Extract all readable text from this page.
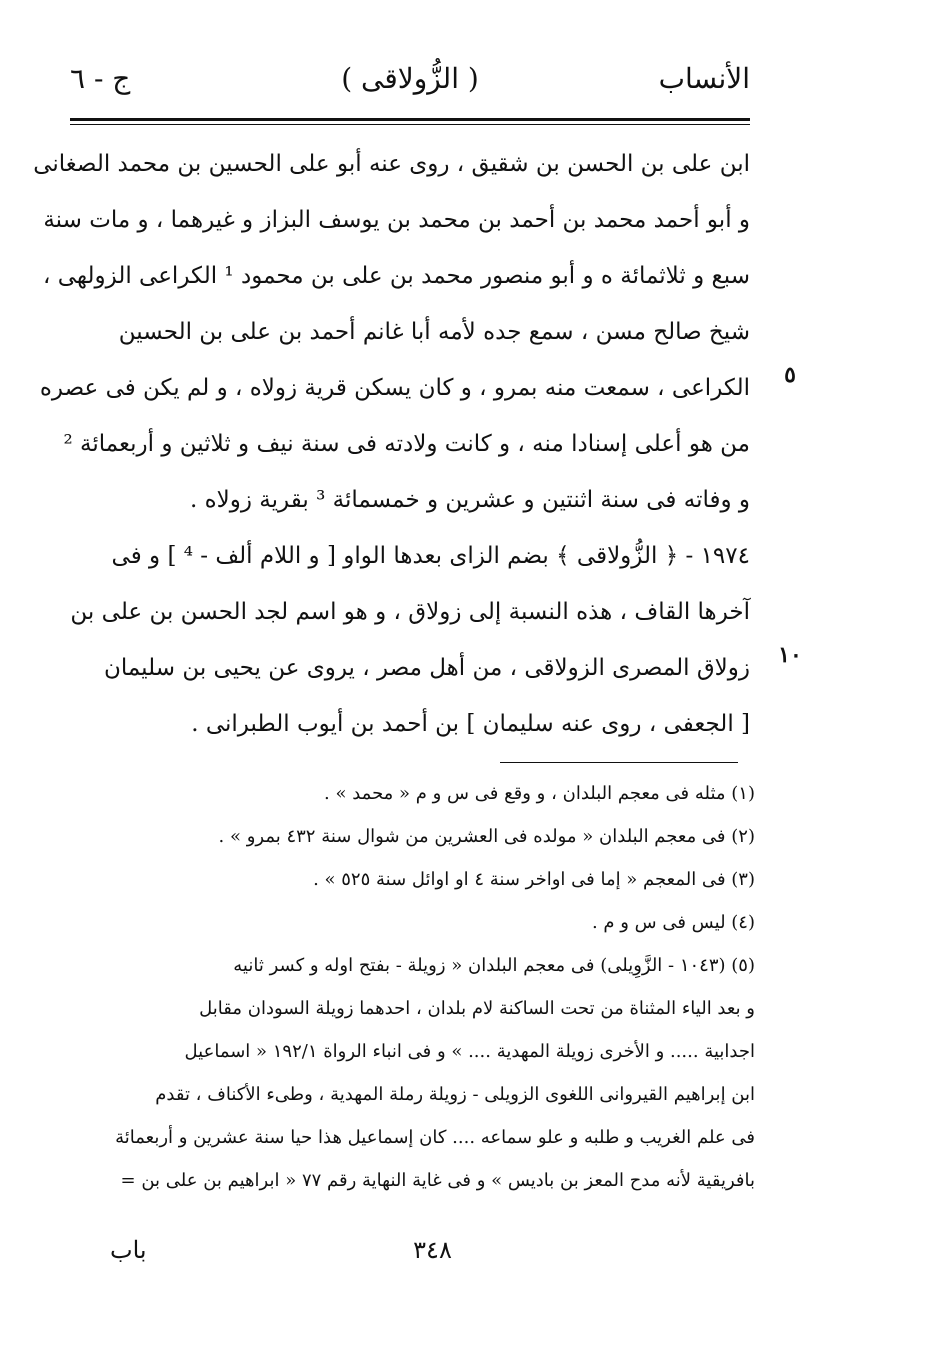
الأنساب
( الزُّولاقى )
ج - ٦
ابن على بن الحسن بن شقيق ، روى عنه أبو على الحسين بن محمد الصغانى
و أبو أحمد محمد بن أحمد بن محمد بن يوسف البزاز و غيرهما ، و مات سنة
سبع و ثلاثمائة ه و أبو منصور محمد بن على بن محمود ¹ الكراعى الزولهى ،
شيخ صالح مسن ، سمع جده لأمه أبا غانم أحمد بن على بن الحسين
الكراعى ، سمعت منه بمرو ، و كان يسكن قرية زولاه ، و لم يكن فى عصره
من هو أعلى إسنادا منه ، و كانت ولادته فى سنة نيف و ثلاثين و أربعمائة ²
و وفاته فى سنة اثنتين و عشرين و خمسمائة ³ بقرية زولاه .
١٩٧٤ - ﴿ الزُّولاقى ﴾ بضم الزاى بعدها الواو [ و اللام ألف - ⁴ ] و فى
آخرها القاف ، هذه النسبة إلى زولاق ، و هو اسم لجد الحسن بن على بن
زولاق المصرى الزولاقى ، من أهل مصر ، يروى عن يحيى بن سليمان
[ الجعفى ، روى عنه سليمان ] بن أحمد بن أيوب الطبرانى .
٥
١٠
(١) مثله فى معجم البلدان ، و وقع فى س و م « محمد » .
(٢) فى معجم البلدان « مولده فى العشرين من شوال سنة ٤٣٢ بمرو » .
(٣) فى المعجم « إما فى اواخر سنة ٤ او اوائل سنة ٥٢٥ » .
(٤) ليس فى س و م .
(٥) (١٠٤٣ - الزَّوِيلى) فى معجم البلدان « زويلة - بفتح اوله و كسر ثانيه
و بعد الياء المثناة من تحت الساكنة لام بلدان ، احدهما زويلة السودان مقابل
اجدابية ..... و الأخرى زويلة المهدية .... » و فى انباء الرواة ١٩٢/١ « اسماعيل
ابن إبراهيم القيروانى اللغوى الزويلى - زويلة رملة المهدية ، وطىء الأكناف ، تقدم
فى علم الغريب و طلبه و علو سماعه .... كان إسماعيل هذا حيا سنة عشرين و أربعمائة
بافريقية لأنه مدح المعز بن باديس » و فى غاية النهاية رقم ٧٧ « ابراهيم بن على بن =
٣٤٨
باب
